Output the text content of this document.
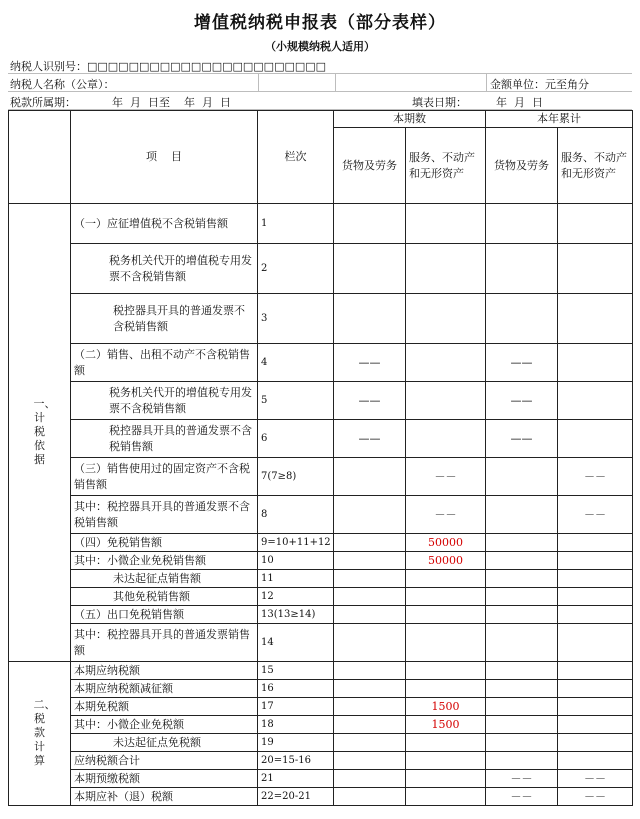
增值税纳税申报表（部分表样）
（小规模纳税人适用）
纳税人识别号：□□□□□□□□□□□□□□□□□□□□□□□
纳税人名称（公章）：	金额单位：元至角分
税款所属期：	年  月  日至    年  月  日	填表日期：	年  月  日
	项    目	栏次	本期数		本年累计	
			货物及劳务	服务、不动产和无形资产	货物及劳务	服务、不动产和无形资产
一、计税依据	（一）应征增值税不含税销售额	1				
	税务机关代开的增值税专用发票不含税销售额	2				
	税控器具开具的普通发票不含税销售额	3				
	（二）销售、出租不动产不含税销售额	4	——		——	
	税务机关代开的增值税专用发票不含税销售额	5	——		——	
	税控器具开具的普通发票不含税销售额	6	——		——	
	（三）销售使用过的固定资产不含税销售额	7(7≥8)		－－		－－
	其中：税控器具开具的普通发票不含税销售额	8		－－		－－
	（四）免税销售额	9=10+11+12		50000		
	其中：小微企业免税销售额	10		50000		
	未达起征点销售额	11				
	其他免税销售额	12				
	（五）出口免税销售额	13(13≥14)				
	其中：税控器具开具的普通发票销售额	14				
二、税款计算	本期应纳税额	15				
	本期应纳税额减征额	16				
	本期免税额	17		1500		
	其中：小微企业免税额	18		1500		
	未达起征点免税额	19				
	应纳税额合计	20=15-16				
	本期预缴税额	21			－－	－－
	本期应补（退）税额	22=20-21			－－	－－
